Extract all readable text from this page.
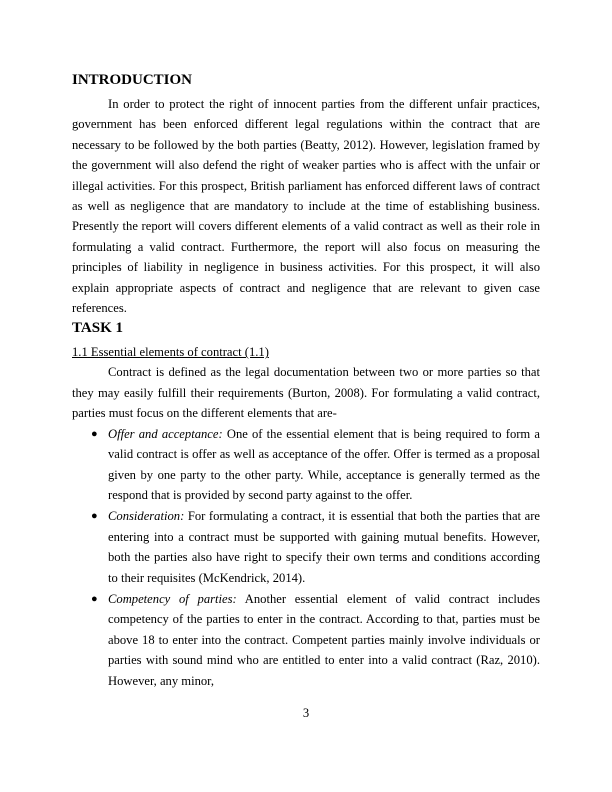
INTRODUCTION

In order to protect the right of innocent parties from the different unfair practices, government has been enforced different legal regulations within the contract that are necessary to be followed by the both parties (Beatty, 2012). However, legislation framed by the government will also defend the right of weaker parties who is affect with the unfair or illegal activities. For this prospect, British parliament has enforced different laws of contract as well as negligence that are mandatory to include at the time of establishing business. Presently the report will covers different elements of a valid contract as well as their role in formulating a valid contract. Furthermore, the report will also focus on measuring the principles of liability in negligence in business activities. For this prospect, it will also explain appropriate aspects of contract and negligence that are relevant to given case references.

TASK 1

1.1 Essential elements of contract (1.1)

Contract is defined as the legal documentation between two or more parties so that they may easily fulfill their requirements (Burton, 2008). For formulating a valid contract, parties must focus on the different elements that are-

● Offer and acceptance: One of the essential element that is being required to form a valid contract is offer as well as acceptance of the offer. Offer is termed as a proposal given by one party to the other party. While, acceptance is generally termed as the respond that is provided by second party against to the offer.
● Consideration: For formulating a contract, it is essential that both the parties that are entering into a contract must be supported with gaining mutual benefits. However, both the parties also have right to specify their own terms and conditions according to their requisites (McKendrick, 2014).
● Competency of parties: Another essential element of valid contract includes competency of the parties to enter in the contract. According to that, parties must be above 18 to enter into the contract. Competent parties mainly involve individuals or parties with sound mind who are entitled to enter into a valid contract (Raz, 2010). However, any minor,
3
